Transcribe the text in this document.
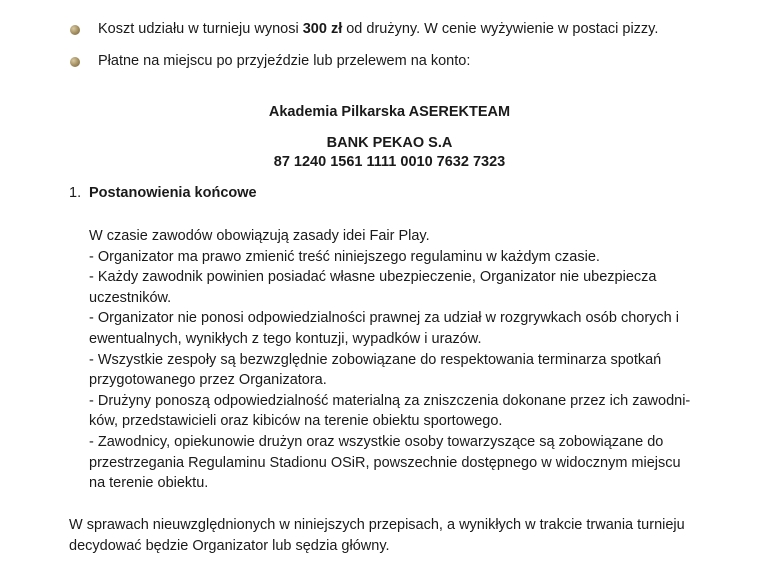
Koszt udziału w turnieju wynosi 300 zł od drużyny. W cenie wyżywienie w postaci pizzy.
Płatne na miejscu po przyjeździe lub przelewem na konto:
Akademia Pilkarska ASEREKTEAM
BANK PEKAO S.A
87 1240 1561 1111 0010 7632 7323
1. Postanowienia końcowe
W czasie zawodów obowiązują zasady idei Fair Play.
- Organizator ma prawo zmienić treść niniejszego regulaminu w każdym czasie.
- Każdy zawodnik powinien posiadać własne ubezpieczenie, Organizator nie ubezpiecza
uczestników.
- Organizator nie ponosi odpowiedzialności prawnej za udział w rozgrywkach osób chorych i
ewentualnych, wynikłych z tego kontuzji, wypadków i urazów.
- Wszystkie zespoły są bezwzględnie zobowiązane do respektowania terminarza spotkań
przygotowanego przez Organizatora.
- Drużyny ponoszą odpowiedzialność materialną za zniszczenia dokonane przez ich zawodni-
ków, przedstawicieli oraz kibiców na terenie obiektu sportowego.
- Zawodnicy, opiekunowie drużyn oraz wszystkie osoby towarzyszące są zobowiązane do
przestrzegania Regulaminu Stadionu OSiR, powszechnie dostępnego w widocznym miejscu
na terenie obiektu.
W sprawach nieuwzględnionych w niniejszych przepisach, a wynikłych w trakcie trwania turnieju
decydować będzie Organizator lub sędzia główny.
